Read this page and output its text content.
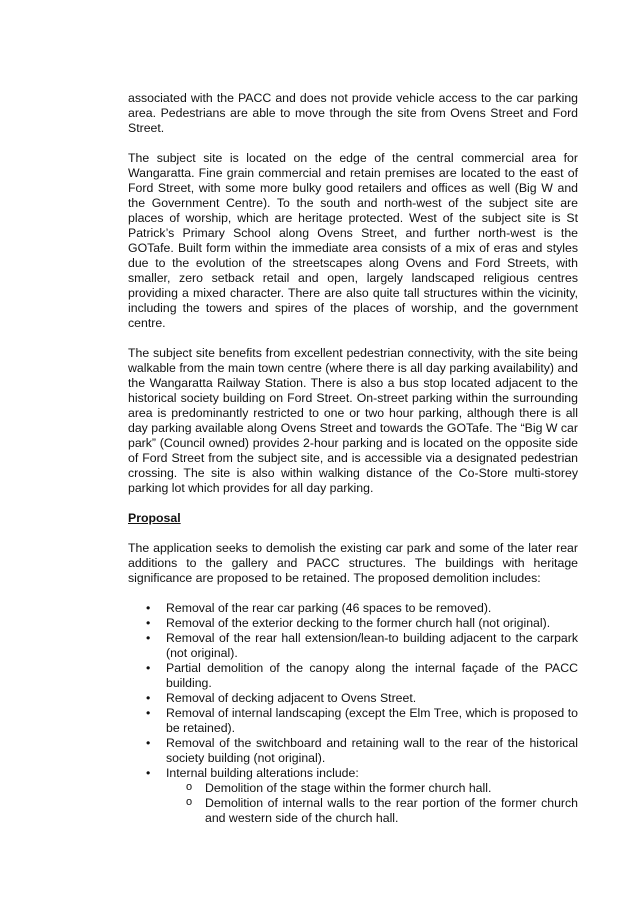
associated with the PACC and does not provide vehicle access to the car parking area. Pedestrians are able to move through the site from Ovens Street and Ford Street.

The subject site is located on the edge of the central commercial area for Wangaratta. Fine grain commercial and retain premises are located to the east of Ford Street, with some more bulky good retailers and offices as well (Big W and the Government Centre). To the south and north-west of the subject site are places of worship, which are heritage protected. West of the subject site is St Patrick’s Primary School along Ovens Street, and further north-west is the GOTafe. Built form within the immediate area consists of a mix of eras and styles due to the evolution of the streetscapes along Ovens and Ford Streets, with smaller, zero setback retail and open, largely landscaped religious centres providing a mixed character. There are also quite tall structures within the vicinity, including the towers and spires of the places of worship, and the government centre.

The subject site benefits from excellent pedestrian connectivity, with the site being walkable from the main town centre (where there is all day parking availability) and the Wangaratta Railway Station. There is also a bus stop located adjacent to the historical society building on Ford Street. On-street parking within the surrounding area is predominantly restricted to one or two hour parking, although there is all day parking available along Ovens Street and towards the GOTafe. The “Big W car park” (Council owned) provides 2-hour parking and is located on the opposite side of Ford Street from the subject site, and is accessible via a designated pedestrian crossing. The site is also within walking distance of the Co-Store multi-storey parking lot which provides for all day parking.

Proposal

The application seeks to demolish the existing car park and some of the later rear additions to the gallery and PACC structures. The buildings with heritage significance are proposed to be retained. The proposed demolition includes:

• Removal of the rear car parking (46 spaces to be removed).
• Removal of the exterior decking to the former church hall (not original).
• Removal of the rear hall extension/lean-to building adjacent to the carpark (not original).
• Partial demolition of the canopy along the internal façade of the PACC building.
• Removal of decking adjacent to Ovens Street.
• Removal of internal landscaping (except the Elm Tree, which is proposed to be retained).
• Removal of the switchboard and retaining wall to the rear of the historical society building (not original).
• Internal building alterations include:
o Demolition of the stage within the former church hall.
o Demolition of internal walls to the rear portion of the former church and western side of the church hall.
